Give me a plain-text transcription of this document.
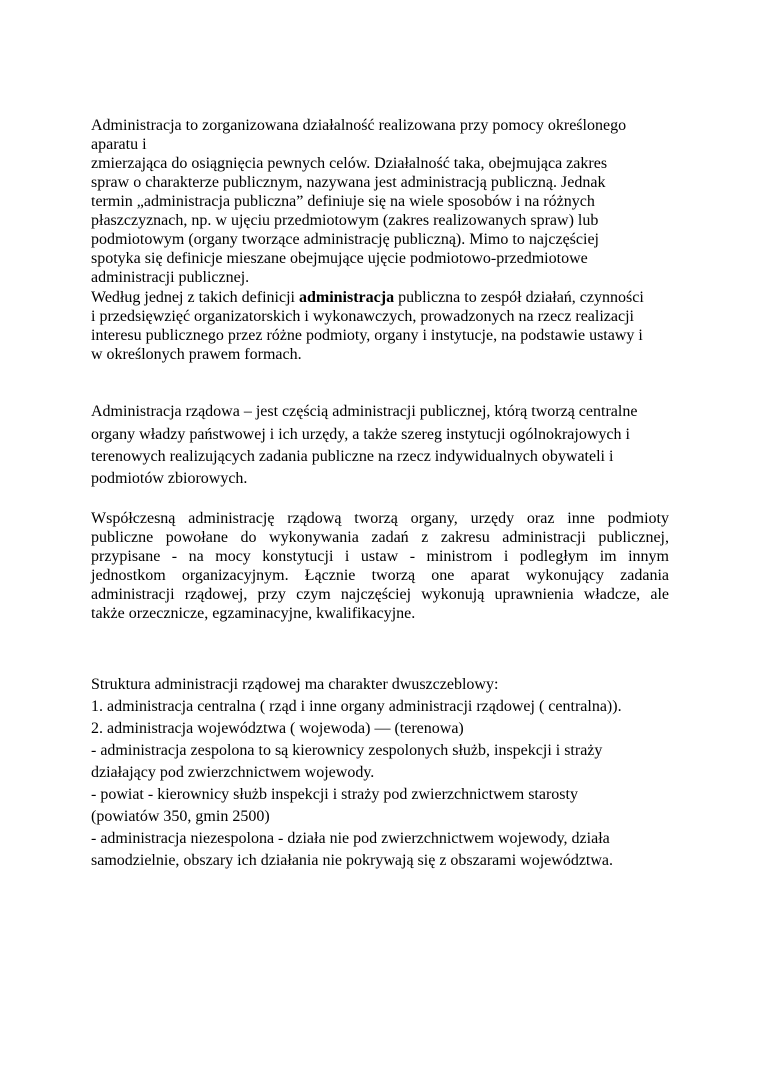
Administracja to zorganizowana działalność realizowana przy pomocy określonego
aparatu i
zmierzająca do osiągnięcia pewnych celów. Działalność taka, obejmująca zakres
spraw o charakterze publicznym, nazywana jest administracją publiczną. Jednak
termin „administracja publiczna” definiuje się na wiele sposobów i na różnych
płaszczyznach, np. w ujęciu przedmiotowym (zakres realizowanych spraw) lub
podmiotowym (organy tworzące administrację publiczną). Mimo to najczęściej
spotyka się definicje mieszane obejmujące ujęcie podmiotowo-przedmiotowe
administracji publicznej.
Według jednej z takich definicji administracja publiczna to zespół działań, czynności
i przedsięwzięć organizatorskich i wykonawczych, prowadzonych na rzecz realizacji
interesu publicznego przez różne podmioty, organy i instytucje, na podstawie ustawy i
w określonych prawem formach.
Administracja rządowa – jest częścią administracji publicznej, którą tworzą centralne
organy władzy państwowej i ich urzędy, a także szereg instytucji ogólnokrajowych i
terenowych realizujących zadania publiczne na rzecz indywidualnych obywateli i
podmiotów zbiorowych.
Współczesną administrację rządową tworzą organy, urzędy oraz inne podmioty
publiczne powołane do wykonywania zadań z zakresu administracji publicznej,
przypisane - na mocy konstytucji i ustaw - ministrom i podległym im innym
jednostkom organizacyjnym. Łącznie tworzą one aparat wykonujący zadania
administracji rządowej, przy czym najczęściej wykonują uprawnienia władcze, ale
także orzecznicze, egzaminacyjne, kwalifikacyjne.
Struktura administracji rządowej ma charakter dwuszczeblowy:
1. administracja centralna ( rząd i inne organy administracji rządowej ( centralna)).
2. administracja województwa ( wojewoda) — (terenowa)
- administracja zespolona to są kierownicy zespolonych służb, inspekcji i straży
działający pod zwierzchnictwem wojewody.
- powiat - kierownicy służb inspekcji i straży pod zwierzchnictwem starosty
(powiatów 350, gmin 2500)
- administracja niezespolona - działa nie pod zwierzchnictwem wojewody, działa
samodzielnie, obszary ich działania nie pokrywają się z obszarami województwa.
